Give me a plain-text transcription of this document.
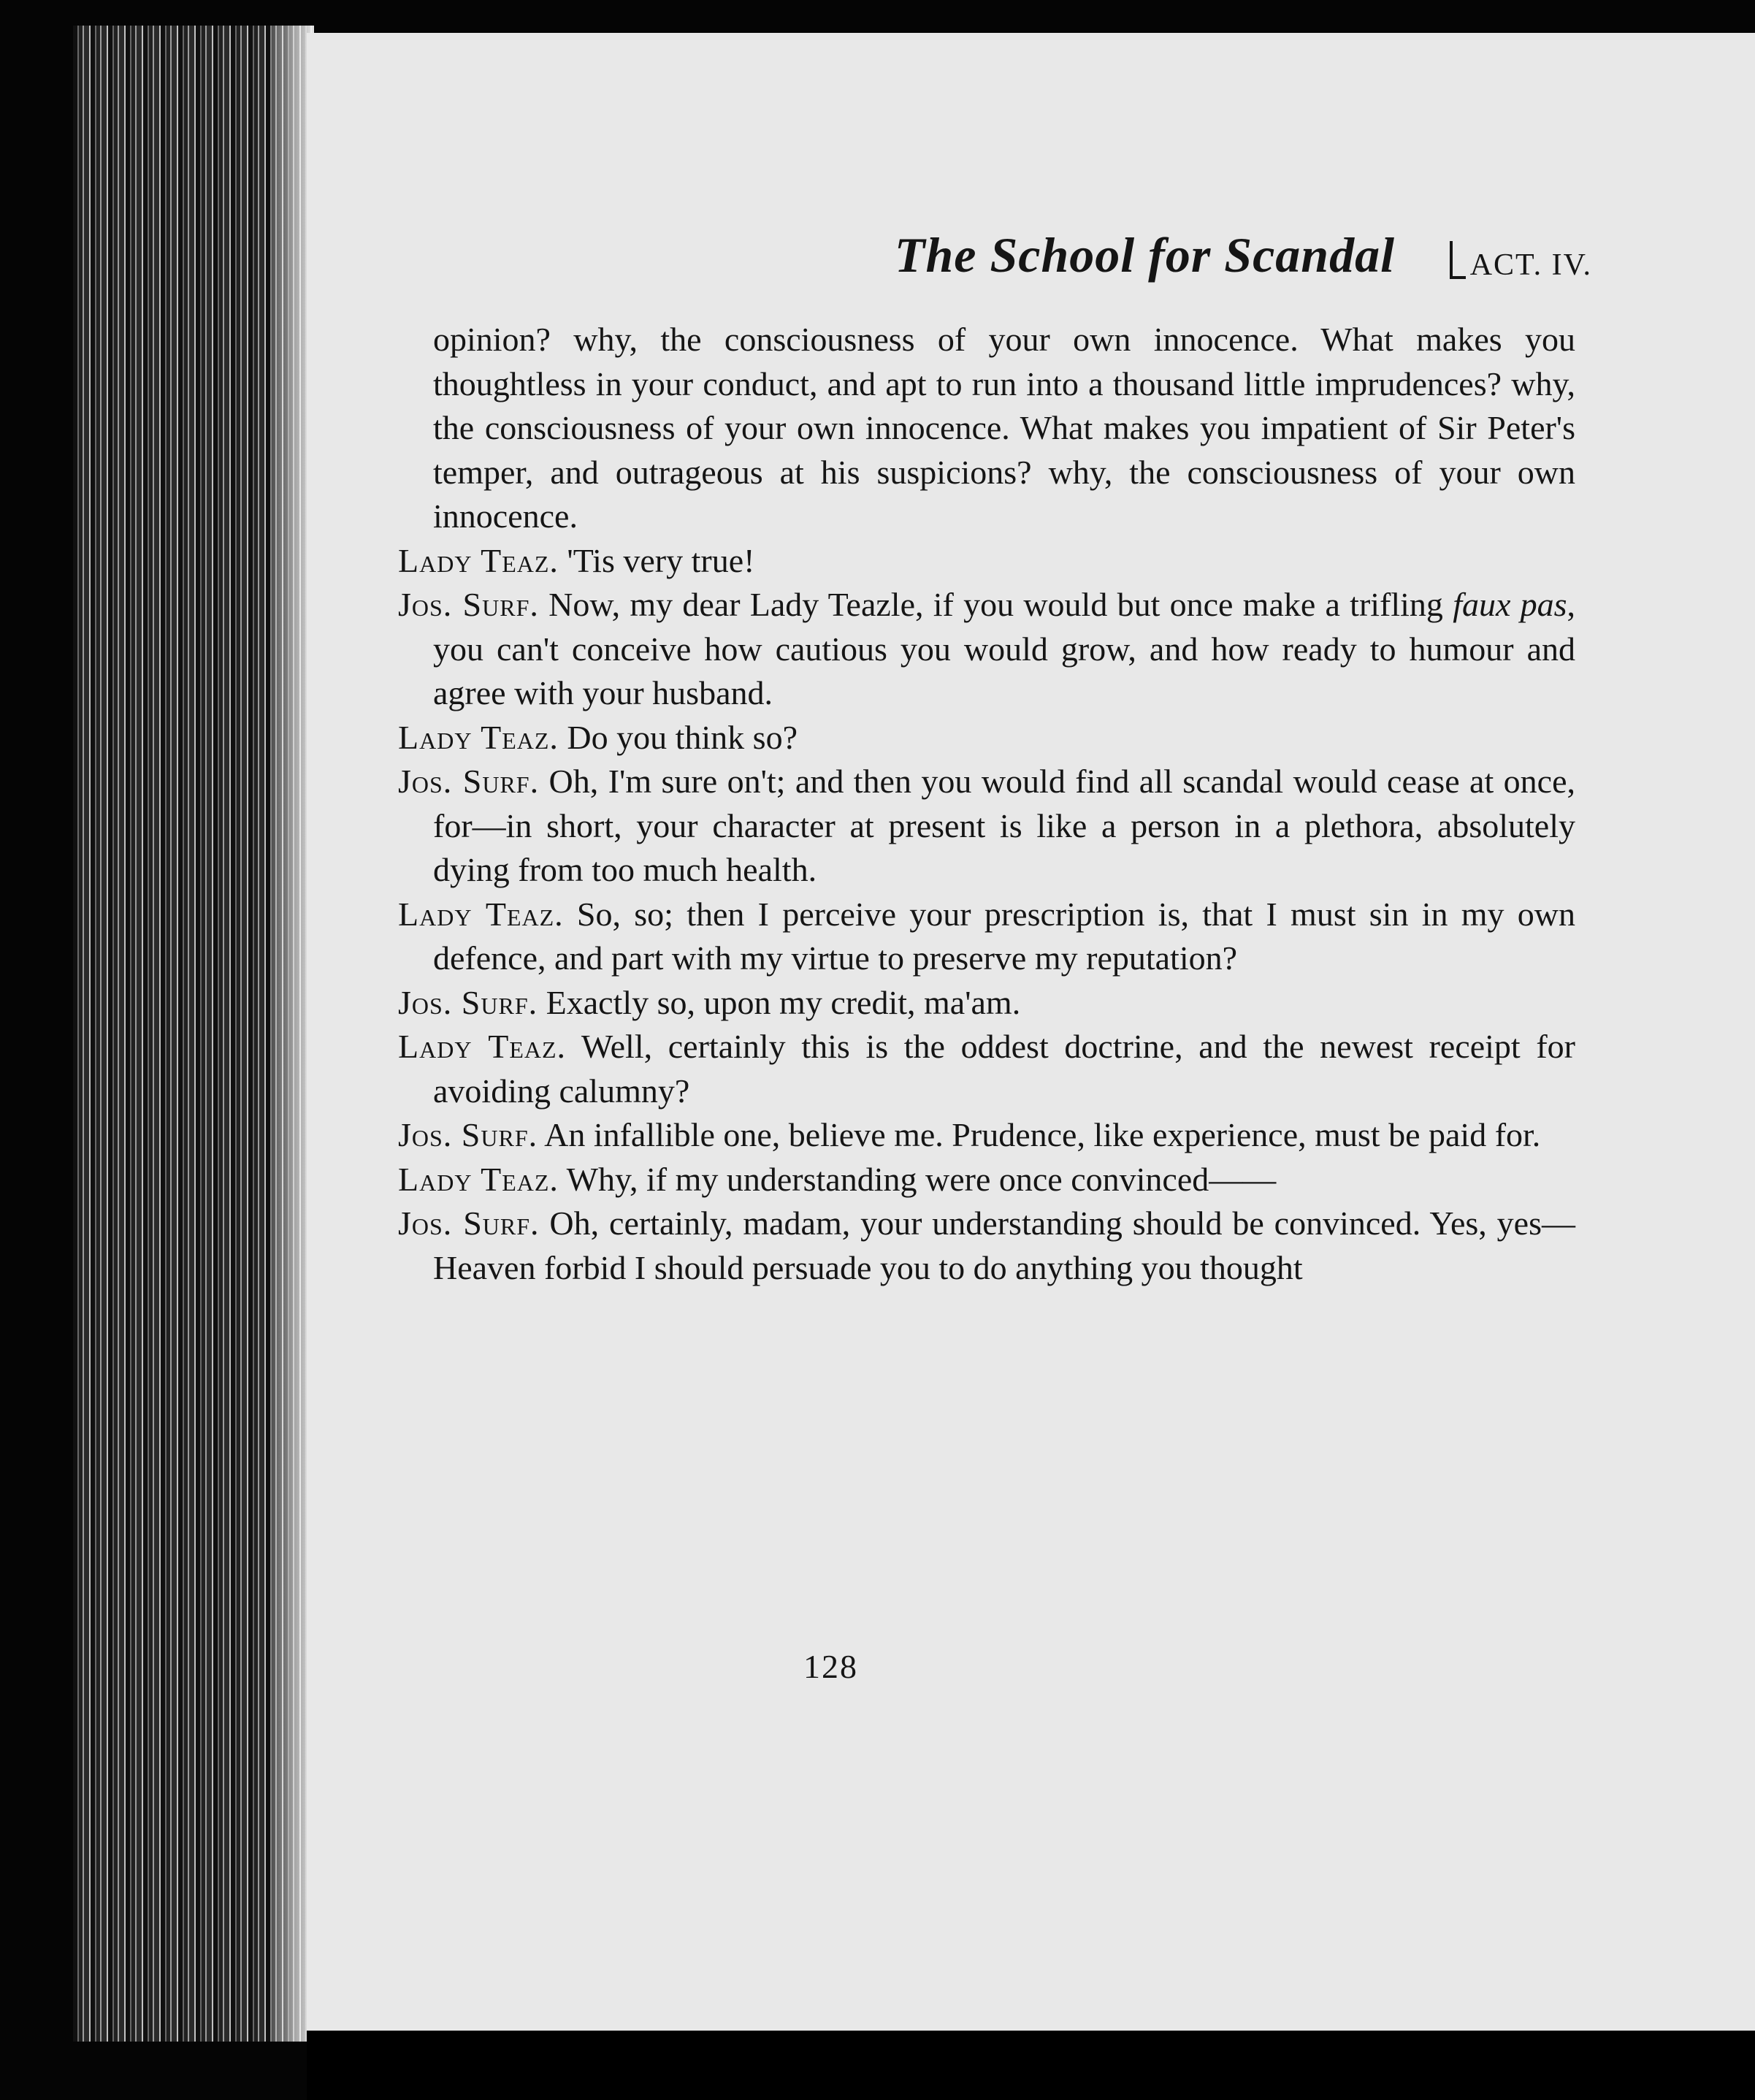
The School for Scandal	ACT. IV.

opinion? why, the consciousness of your own innocence. What makes you thoughtless in your conduct, and apt to run into a thousand little imprudences? why, the consciousness of your own innocence. What makes you impatient of Sir Peter's temper, and outrageous at his suspicions? why, the consciousness of your own innocence.

Lady Teaz. 'Tis very true!

Jos. Surf. Now, my dear Lady Teazle, if you would but once make a trifling faux pas, you can't conceive how cautious you would grow, and how ready to humour and agree with your husband.

Lady Teaz. Do you think so?

Jos. Surf. Oh, I'm sure on't; and then you would find all scandal would cease at once, for—in short, your character at present is like a person in a plethora, absolutely dying from too much health.

Lady Teaz. So, so; then I perceive your prescription is, that I must sin in my own defence, and part with my virtue to preserve my reputation?

Jos. Surf. Exactly so, upon my credit, ma'am.

Lady Teaz. Well, certainly this is the oddest doctrine, and the newest receipt for avoiding calumny?

Jos. Surf. An infallible one, believe me. Prudence, like experience, must be paid for.

Lady Teaz. Why, if my understanding were once convinced——

Jos. Surf. Oh, certainly, madam, your understanding should be convinced. Yes, yes—Heaven forbid I should persuade you to do anything you thought

128
